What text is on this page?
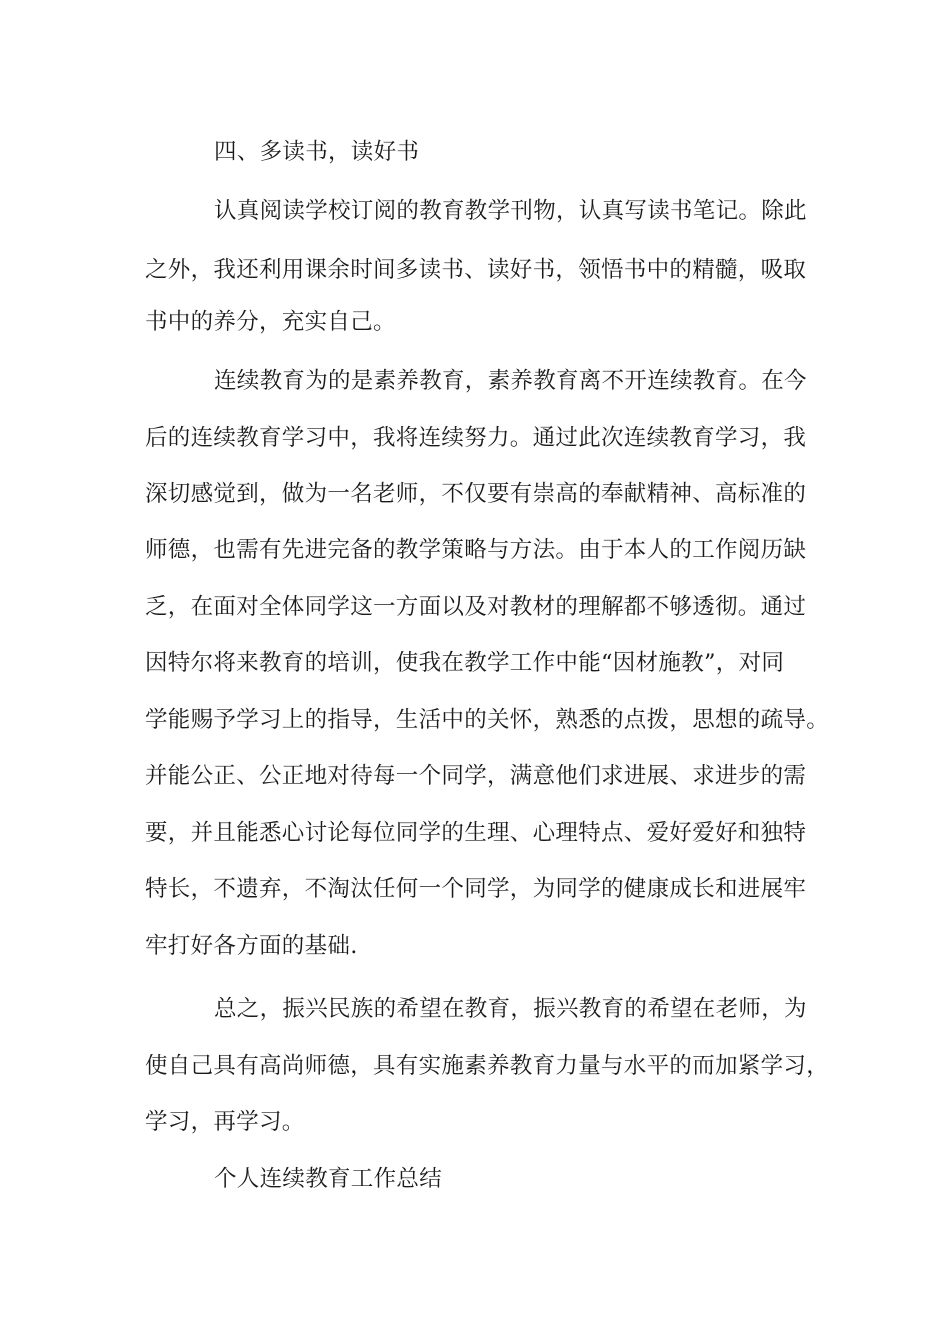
四、多读书，读好书
认真阅读学校订阅的教育教学刊物，认真写读书笔记。除此
之外，我还利用课余时间多读书、读好书，领悟书中的精髓，吸取
书中的养分，充实自己。
连续教育为的是素养教育，素养教育离不开连续教育。在今
后的连续教育学习中，我将连续努力。通过此次连续教育学习，我
深切感觉到，做为一名老师，不仅要有崇高的奉献精神、高标准的
师德，也需有先进完备的教学策略与方法。由于本人的工作阅历缺
乏，在面对全体同学这一方面以及对教材的理解都不够透彻。通过
因特尔将来教育的培训，使我在教学工作中能“因材施教”，对同
学能赐予学习上的指导，生活中的关怀，熟悉的点拨，思想的疏导。
并能公正、公正地对待每一个同学，满意他们求进展、求进步的需
要，并且能悉心讨论每位同学的生理、心理特点、爱好爱好和独特
特长，不遗弃，不淘汰任何一个同学，为同学的健康成长和进展牢
牢打好各方面的基础.
总之，振兴民族的希望在教育，振兴教育的希望在老师，为
使自己具有高尚师德，具有实施素养教育力量与水平的而加紧学习，
学习，再学习。
个人连续教育工作总结
